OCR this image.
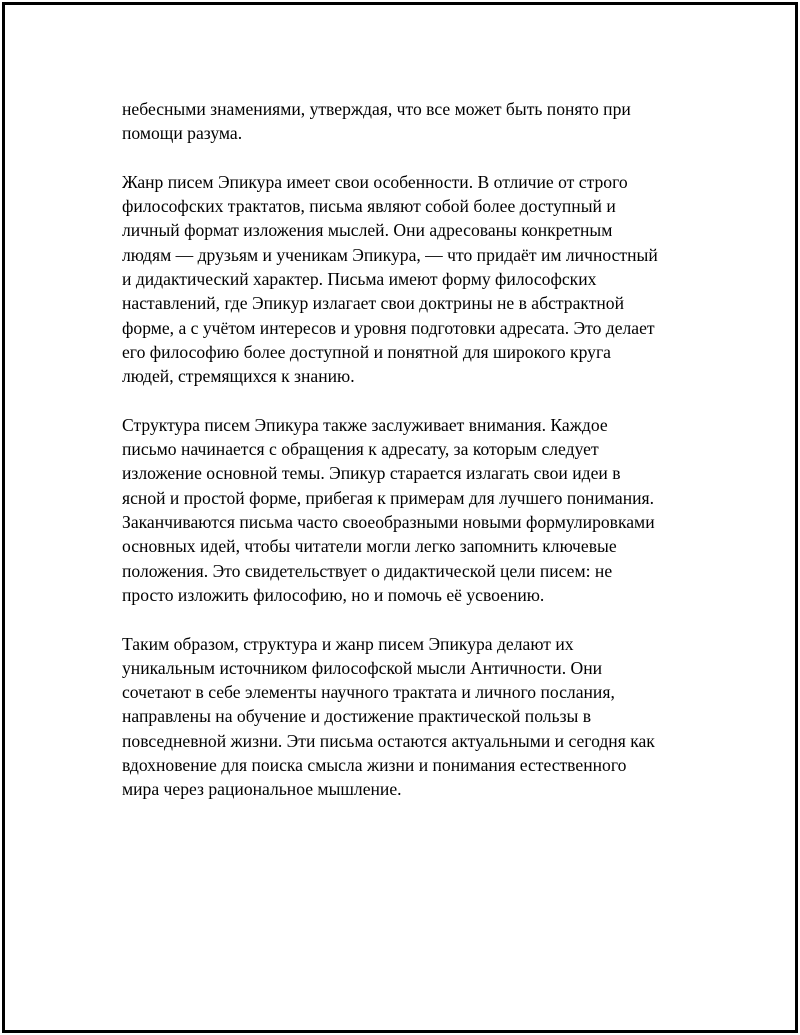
небесными знамениями, утверждая, что все может быть понято при
помощи разума.

Жанр писем Эпикура имеет свои особенности. В отличие от строго
философских трактатов, письма являют собой более доступный и
личный формат изложения мыслей. Они адресованы конкретным
людям — друзьям и ученикам Эпикура, — что придаёт им личностный
и дидактический характер. Письма имеют форму философских
наставлений, где Эпикур излагает свои доктрины не в абстрактной
форме, а с учётом интересов и уровня подготовки адресата. Это делает
его философию более доступной и понятной для широкого круга
людей, стремящихся к знанию.

Структура писем Эпикура также заслуживает внимания. Каждое
письмо начинается с обращения к адресату, за которым следует
изложение основной темы. Эпикур старается излагать свои идеи в
ясной и простой форме, прибегая к примерам для лучшего понимания.
Заканчиваются письма часто своеобразными новыми формулировками
основных идей, чтобы читатели могли легко запомнить ключевые
положения. Это свидетельствует о дидактической цели писем: не
просто изложить философию, но и помочь её усвоению.

Таким образом, структура и жанр писем Эпикура делают их
уникальным источником философской мысли Античности. Они
сочетают в себе элементы научного трактата и личного послания,
направлены на обучение и достижение практической пользы в
повседневной жизни. Эти письма остаются актуальными и сегодня как
вдохновение для поиска смысла жизни и понимания естественного
мира через рациональное мышление.
